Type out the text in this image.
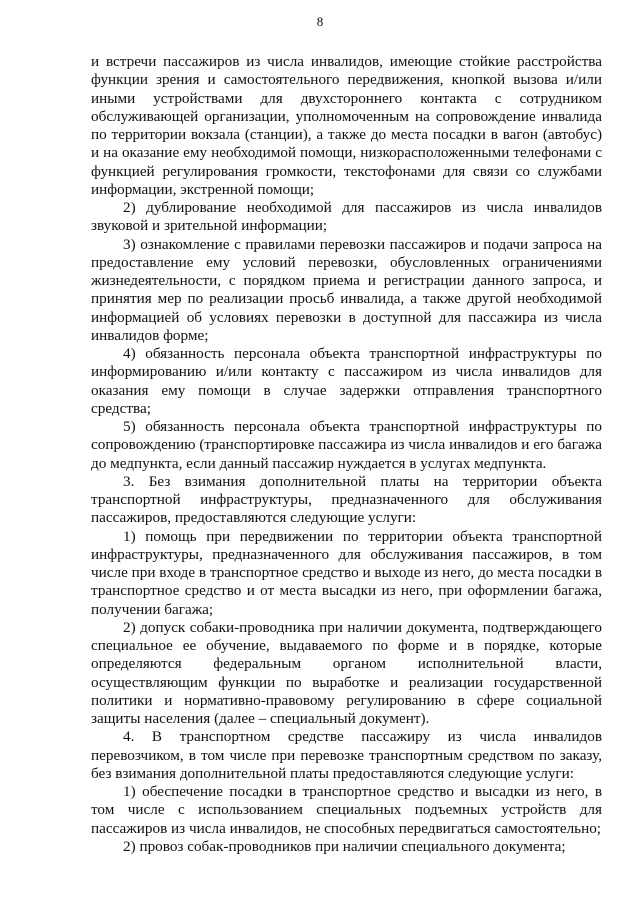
8

и встречи пассажиров из числа инвалидов, имеющие стойкие расстройства функции зрения и самостоятельного передвижения, кнопкой вызова и/или иными устройствами для двухстороннего контакта с сотрудником обслуживающей организации, уполномоченным на сопровождение инвалида по территории вокзала (станции), а также до места посадки в вагон (автобус) и на оказание ему необходимой помощи, низкорасположенными телефонами с функцией регулирования громкости, текстофонами для связи со службами информации, экстренной помощи;

2) дублирование необходимой для пассажиров из числа инвалидов звуковой и зрительной информации;

3) ознакомление с правилами перевозки пассажиров и подачи запроса на предоставление ему условий перевозки, обусловленных ограничениями жизнедеятельности, с порядком приема и регистрации данного запроса, и принятия мер по реализации просьб инвалида, а также другой необходимой информацией об условиях перевозки в доступной для пассажира из числа инвалидов форме;

4) обязанность персонала объекта транспортной инфраструктуры по информированию и/или контакту с пассажиром из числа инвалидов для оказания ему помощи в случае задержки отправления транспортного средства;

5) обязанность персонала объекта транспортной инфраструктуры по сопровождению (транспортировке пассажира из числа инвалидов и его багажа до медпункта, если данный пассажир нуждается в услугах медпункта.

3. Без взимания дополнительной платы на территории объекта транспортной инфраструктуры, предназначенного для обслуживания пассажиров, предоставляются следующие услуги:

1) помощь при передвижении по территории объекта транспортной инфраструктуры, предназначенного для обслуживания пассажиров, в том числе при входе в транспортное средство и выходе из него, до места посадки в транспортное средство и от места высадки из него, при оформлении багажа, получении багажа;

2) допуск собаки-проводника при наличии документа, подтверждающего специальное ее обучение, выдаваемого по форме и в порядке, которые определяются федеральным органом исполнительной власти, осуществляющим функции по выработке и реализации государственной политики и нормативно-правовому регулированию в сфере социальной защиты населения (далее – специальный документ).

4. В транспортном средстве пассажиру из числа инвалидов перевозчиком, в том числе при перевозке транспортным средством по заказу, без взимания дополнительной платы предоставляются следующие услуги:

1) обеспечение посадки в транспортное средство и высадки из него, в том числе с использованием специальных подъемных устройств для пассажиров из числа инвалидов, не способных передвигаться самостоятельно;

2) провоз собак-проводников при наличии специального документа;
